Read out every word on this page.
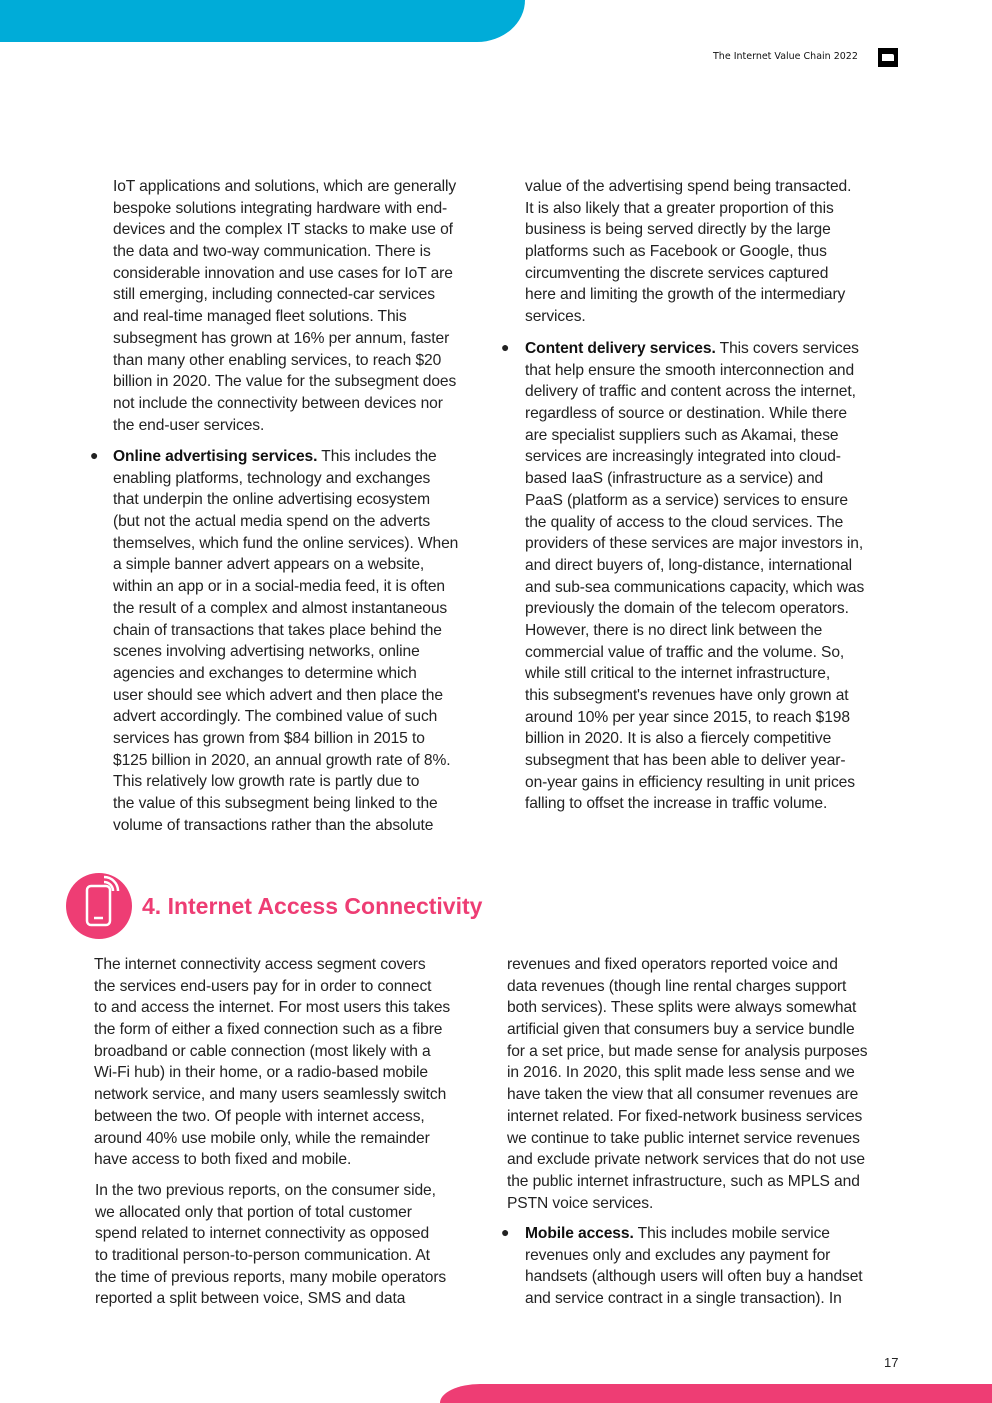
The Internet Value Chain 2022
IoT applications and solutions, which are generally
bespoke solutions integrating hardware with end-
devices and the complex IT stacks to make use of
the data and two-way communication. There is
considerable innovation and use cases for IoT are
still emerging, including connected-car services
and real-time managed fleet solutions. This
subsegment has grown at 16% per annum, faster
than many other enabling services, to reach $20
billion in 2020. The value for the subsegment does
not include the connectivity between devices nor
the end-user services.
● Online advertising services. This includes the
enabling platforms, technology and exchanges
that underpin the online advertising ecosystem
(but not the actual media spend on the adverts
themselves, which fund the online services). When
a simple banner advert appears on a website,
within an app or in a social-media feed, it is often
the result of a complex and almost instantaneous
chain of transactions that takes place behind the
scenes involving advertising networks, online
agencies and exchanges to determine which
user should see which advert and then place the
advert accordingly. The combined value of such
services has grown from $84 billion in 2015 to
$125 billion in 2020, an annual growth rate of 8%.
This relatively low growth rate is partly due to
the value of this subsegment being linked to the
volume of transactions rather than the absolute
value of the advertising spend being transacted.
It is also likely that a greater proportion of this
business is being served directly by the large
platforms such as Facebook or Google, thus
circumventing the discrete services captured
here and limiting the growth of the intermediary
services.
● Content delivery services. This covers services
that help ensure the smooth interconnection and
delivery of traffic and content across the internet,
regardless of source or destination. While there
are specialist suppliers such as Akamai, these
services are increasingly integrated into cloud-
based IaaS (infrastructure as a service) and
PaaS (platform as a service) services to ensure
the quality of access to the cloud services. The
providers of these services are major investors in,
and direct buyers of, long-distance, international
and sub-sea communications capacity, which was
previously the domain of the telecom operators.
However, there is no direct link between the
commercial value of traffic and the volume. So,
while still critical to the internet infrastructure,
this subsegment's revenues have only grown at
around 10% per year since 2015, to reach $198
billion in 2020. It is also a fiercely competitive
subsegment that has been able to deliver year-
on-year gains in efficiency resulting in unit prices
falling to offset the increase in traffic volume.
4. Internet Access Connectivity
The internet connectivity access segment covers
the services end-users pay for in order to connect
to and access the internet. For most users this takes
the form of either a fixed connection such as a fibre
broadband or cable connection (most likely with a
Wi-Fi hub) in their home, or a radio-based mobile
network service, and many users seamlessly switch
between the two. Of people with internet access,
around 40% use mobile only, while the remainder
have access to both fixed and mobile.
In the two previous reports, on the consumer side,
we allocated only that portion of total customer
spend related to internet connectivity as opposed
to traditional person-to-person communication. At
the time of previous reports, many mobile operators
reported a split between voice, SMS and data
revenues and fixed operators reported voice and
data revenues (though line rental charges support
both services). These splits were always somewhat
artificial given that consumers buy a service bundle
for a set price, but made sense for analysis purposes
in 2016. In 2020, this split made less sense and we
have taken the view that all consumer revenues are
internet related. For fixed-network business services
we continue to take public internet service revenues
and exclude private network services that do not use
the public internet infrastructure, such as MPLS and
PSTN voice services.
● Mobile access. This includes mobile service
revenues only and excludes any payment for
handsets (although users will often buy a handset
and service contract in a single transaction). In
17
